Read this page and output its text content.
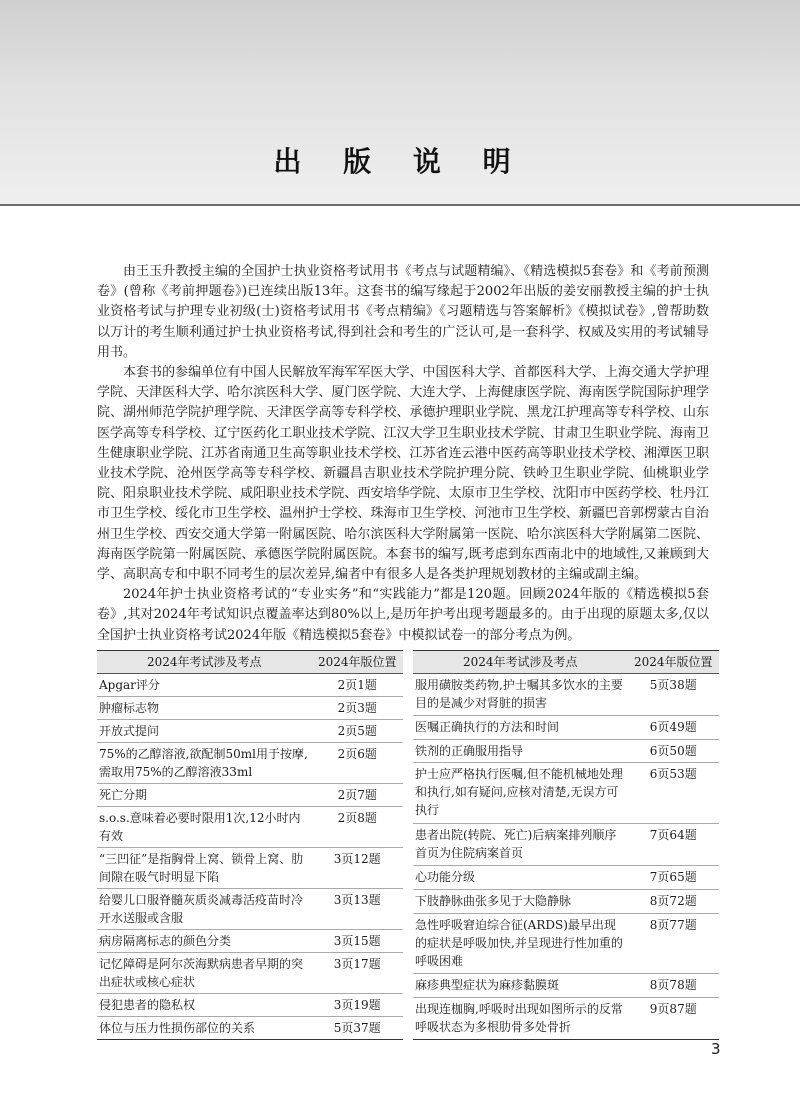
出 版 说 明

由王玉升教授主编的全国护士执业资格考试用书《考点与试题精编》、《精选模拟5套卷》和《考前预测卷》(曾称《考前押题卷》)已连续出版13年。这套书的编写缘起于2002年出版的姜安丽教授主编的护士执业资格考试与护理专业初级(士)资格考试用书《考点精编》《习题精选与答案解析》《模拟试卷》,曾帮助数以万计的考生顺利通过护士执业资格考试,得到社会和考生的广泛认可,是一套科学、权威及实用的考试辅导用书。

本套书的参编单位有中国人民解放军海军军医大学、中国医科大学、首都医科大学、上海交通大学护理学院、天津医科大学、哈尔滨医科大学、厦门医学院、大连大学、上海健康医学院、海南医学院国际护理学院、湖州师范学院护理学院、天津医学高等专科学校、承德护理职业学院、黑龙江护理高等专科学校、山东医学高等专科学校、辽宁医药化工职业技术学院、江汉大学卫生职业技术学院、甘肃卫生职业学院、海南卫生健康职业学院、江苏省南通卫生高等职业技术学校、江苏省连云港中医药高等职业技术学校、湘潭医卫职业技术学院、沧州医学高等专科学校、新疆昌吉职业技术学院护理分院、铁岭卫生职业学院、仙桃职业学院、阳泉职业技术学院、咸阳职业技术学院、西安培华学院、太原市卫生学校、沈阳市中医药学校、牡丹江市卫生学校、绥化市卫生学校、温州护士学校、珠海市卫生学校、河池市卫生学校、新疆巴音郭楞蒙古自治州卫生学校、西安交通大学第一附属医院、哈尔滨医科大学附属第一医院、哈尔滨医科大学附属第二医院、海南医学院第一附属医院、承德医学院附属医院。本套书的编写,既考虑到东西南北中的地域性,又兼顾到大学、高职高专和中职不同考生的层次差异,编者中有很多人是各类护理规划教材的主编或副主编。

2024年护士执业资格考试的“专业实务”和“实践能力”都是120题。回顾2024年版的《精选模拟5套卷》,其对2024年考试知识点覆盖率达到80%以上,是历年护考出现考题最多的。由于出现的原题太多,仅以全国护士执业资格考试2024年版《精选模拟5套卷》中模拟试卷一的部分考点为例。

2024年考试涉及考点	2024年版位置
Apgar评分	2页1题
肿瘤标志物	2页3题
开放式提问	2页5题
75%的乙醇溶液,欲配制50ml用于按摩,需取用75%的乙醇溶液33ml	2页6题
死亡分期	2页7题
s.o.s.意味着必要时限用1次,12小时内有效	2页8题
“三凹征”是指胸骨上窝、锁骨上窝、肋间隙在吸气时明显下陷	3页12题
给婴儿口服脊髓灰质炎减毒活疫苗时冷开水送服或含服	3页13题
病房隔离标志的颜色分类	3页15题
记忆障碍是阿尔茨海默病患者早期的突出症状或核心症状	3页17题
侵犯患者的隐私权	3页19题
体位与压力性损伤部位的关系	5页37题
2024年考试涉及考点	2024年版位置
服用磺胺类药物,护士嘱其多饮水的主要目的是减少对肾脏的损害	5页38题
医嘱正确执行的方法和时间	6页49题
铁剂的正确服用指导	6页50题
护士应严格执行医嘱,但不能机械地处理和执行,如有疑问,应核对清楚,无误方可执行	6页53题
患者出院(转院、死亡)后病案排列顺序首页为住院病案首页	7页64题
心功能分级	7页65题
下肢静脉曲张多见于大隐静脉	8页72题
急性呼吸窘迫综合征(ARDS)最早出现的症状是呼吸加快,并呈现进行性加重的呼吸困难	8页77题
麻疹典型症状为麻疹黏膜斑	8页78题
出现连枷胸,呼吸时出现如图所示的反常呼吸状态为多根肋骨多处骨折	9页87题
3
